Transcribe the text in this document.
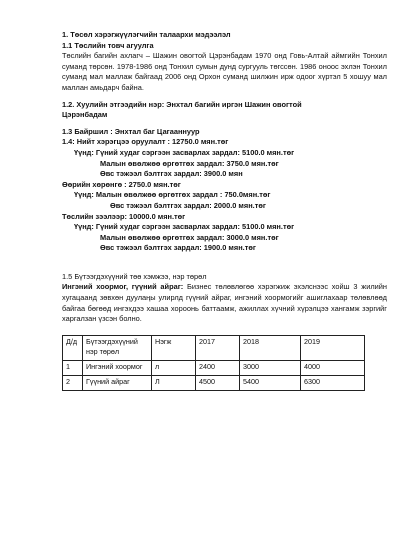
1. Төсөл хэрэгжүүлэгчийн талаархи мэдээлэл
1.1 Төслийн товч агуулга
Төслийн багийн ахлагч – Шажин овогтой Цэрэнбадам 1970 онд Говь-Алтай аймгийн Тонхил суманд төрсөн. 1978-1986 онд Тонхил сумын дунд сургууль төгссөн. 1986 оноос эхлэн Тонхил суманд мал маллаж байгаад 2006 онд Орхон суманд шилжин ирж одоог хүртэл 5 хошуу мал маллан амьдарч байна.
1.2. Хуулийн этгээдийн нэр: Энхтал багийн иргэн Шажин овогтой
Цэрэнбадам
1.3 Байршил : Энхтал баг Цагааннуур
1.4: Нийт хэрэгцээ оруулалт : 12750.0 мян.төг
Үүнд: Гүний худаг сэргээн засварлах зардал: 5100.0 мян.төг
Малын өвөлжөө өргөтгөх зардал: 3750.0 мян.төг
Өвс тэжээл бэлтгэх зардал: 3900.0 мян
Өөрийн хөрөнгө : 2750.0 мян.төг
Үүнд: Малын өвөлжөө өргөтгөх зардал : 750.0мян.төг
Өвс тэжээл бэлтгэх зардал: 2000.0 мян.төг
Төслийн зээлээр: 10000.0 мян.төг
Үүнд: Гүний худаг сэргээн засварлах зардал: 5100.0 мян.төг
Малын өвөлжөө өргөтгөх зардал: 3000.0 мян.төг
Өвс тэжээл бэлтгэх зардал: 1900.0 мян.төг
1.5 Бүтээгдэхүүний төө хэмжээ, нэр төрөл
Ингэний хоормог, гүүний айраг: Бизнес төлөвлөгөө хэрэгжиж эхэлснээс хойш 3 жилийн хугацаанд зөвхөн дуулаңы улирлд гүүний айраг, ингэний хоормогийг ашиглахаар төлөвлөөд байгаа бөгөөд ингэхдээ хашаа хороонь баттаамж, ажиллах хүчний хүрэлцээ хангамж зэргийг харгалзан үзсэн болно.
Д/д	Бүтээгдэхүүний нэр төрөл	Нэгж	2017	2018	2019
1	Ингэний хоормог	л	2400	3000	4000
2	Гүүний айраг	Л	4500	5400	6300
